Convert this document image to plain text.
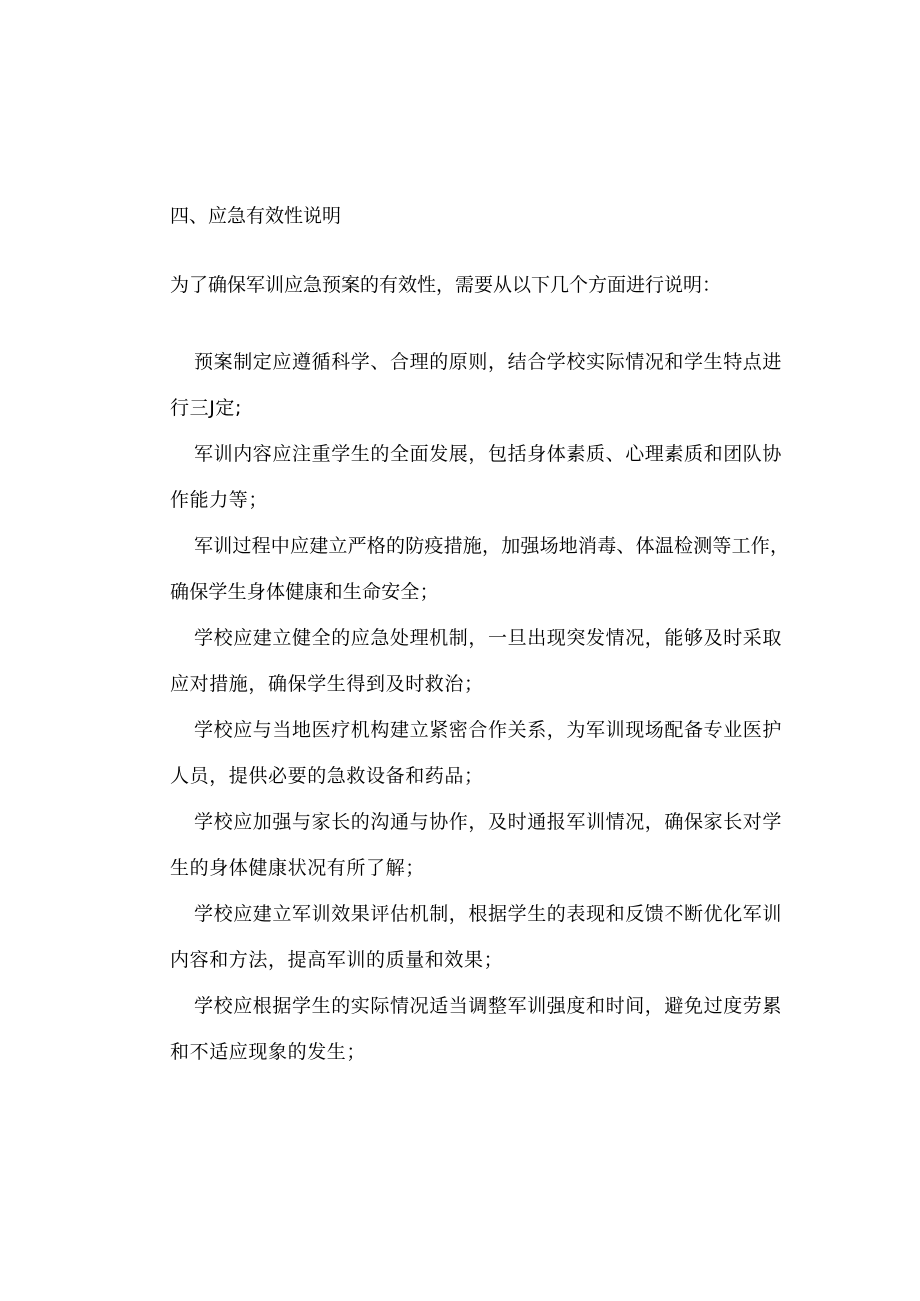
四、应急有效性说明

为了确保军训应急预案的有效性，需要从以下几个方面进行说明：

预案制定应遵循科学、合理的原则，结合学校实际情况和学生特点进行三J定;
军训内容应注重学生的全面发展，包括身体素质、心理素质和团队协作能力等；
军训过程中应建立严格的防疫措施，加强场地消毒、体温检测等工作，确保学生身体健康和生命安全；
学校应建立健全的应急处理机制，一旦出现突发情况，能够及时采取应对措施，确保学生得到及时救治；
学校应与当地医疗机构建立紧密合作关系，为军训现场配备专业医护人员，提供必要的急救设备和药品；
学校应加强与家长的沟通与协作，及时通报军训情况，确保家长对学生的身体健康状况有所了解；
学校应建立军训效果评估机制，根据学生的表现和反馈不断优化军训内容和方法，提高军训的质量和效果；
学校应根据学生的实际情况适当调整军训强度和时间，避免过度劳累和不适应现象的发生；
